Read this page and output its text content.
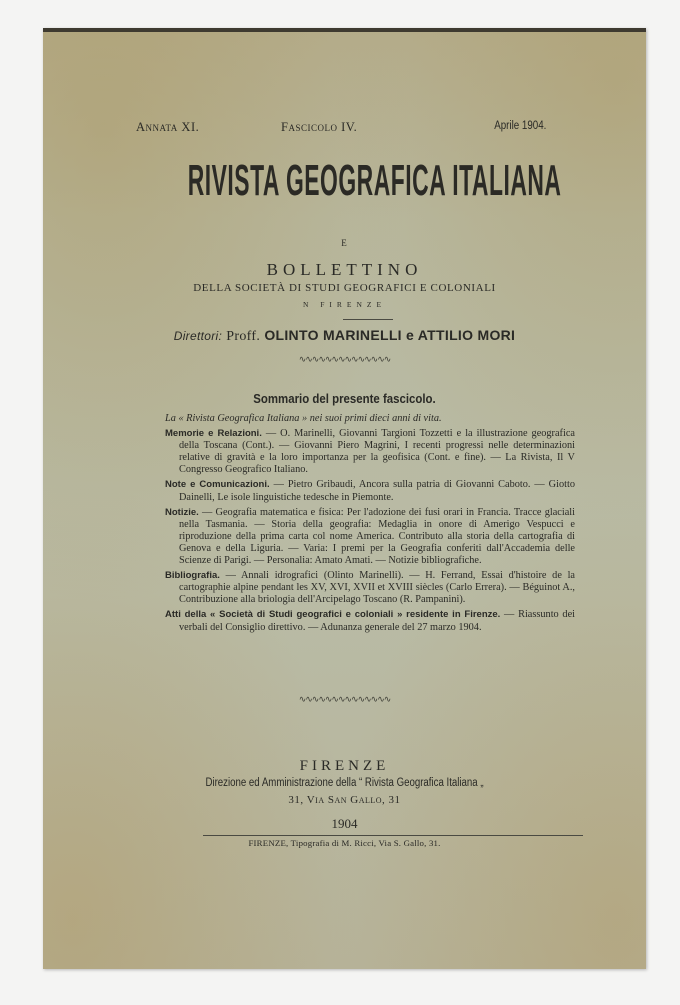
Annata XI.	Fascicolo IV.	Aprile 1904.
RIVISTA GEOGRAFICA ITALIANA
E
BOLLETTINO
DELLA SOCIETÀ DI STUDI GEOGRAFICI E COLONIALI
N FIRENZE
Direttori: Proff. OLINTO MARINELLI e ATTILIO MORI
∿∿∿∿∿∿∿∿∿∿∿∿∿∿
Sommario del presente fascicolo.

La « Rivista Geografica Italiana » nei suoi primi dieci anni di vita.

Memorie e Relazioni. — O. Marinelli, Giovanni Targioni Tozzetti e la illustrazione geografica della Toscana (Cont.). — Giovanni Piero Magrini, I recenti progressi nelle determinazioni relative di gravità e la loro importanza per la geofisica (Cont. e fine). — La Rivista, Il V Congresso Geografico Italiano.

Note e Comunicazioni. — Pietro Gribaudi, Ancora sulla patria di Giovanni Caboto. — Giotto Dainelli, Le isole linguistiche tedesche in Piemonte.

Notizie. — Geografia matematica e fisica: Per l'adozione dei fusi orari in Francia. Tracce glaciali nella Tasmania. — Storia della geografia: Medaglia in onore di Amerigo Vespucci e riproduzione della prima carta col nome America. Contributo alla storia della cartografia di Genova e della Liguria. — Varia: I premi per la Geografia conferiti dall'Accademia delle Scienze di Parigi. — Personalia: Amato Amati. — Notizie bibliografiche.

Bibliografia. — Annali idrografici (Olinto Marinelli). — H. Ferrand, Essai d'histoire de la cartographie alpine pendant les XV, XVI, XVII et XVIII siècles (Carlo Errera). — Béguinot A., Contribuzione alla briologia dell'Arcipelago Toscano (R. Pampanini).

Atti della « Società di Studi geografici e coloniali » residente in Firenze. — Riassunto dei verbali del Consiglio direttivo. — Adunanza generale del 27 marzo 1904.

∿∿∿∿∿∿∿∿∿∿∿∿∿∿
FIRENZE
Direzione ed Amministrazione della “ Rivista Geografica Italiana „
31, Via San Gallo, 31
1904
FIRENZE, Tipografia di M. Ricci, Via S. Gallo, 31.
